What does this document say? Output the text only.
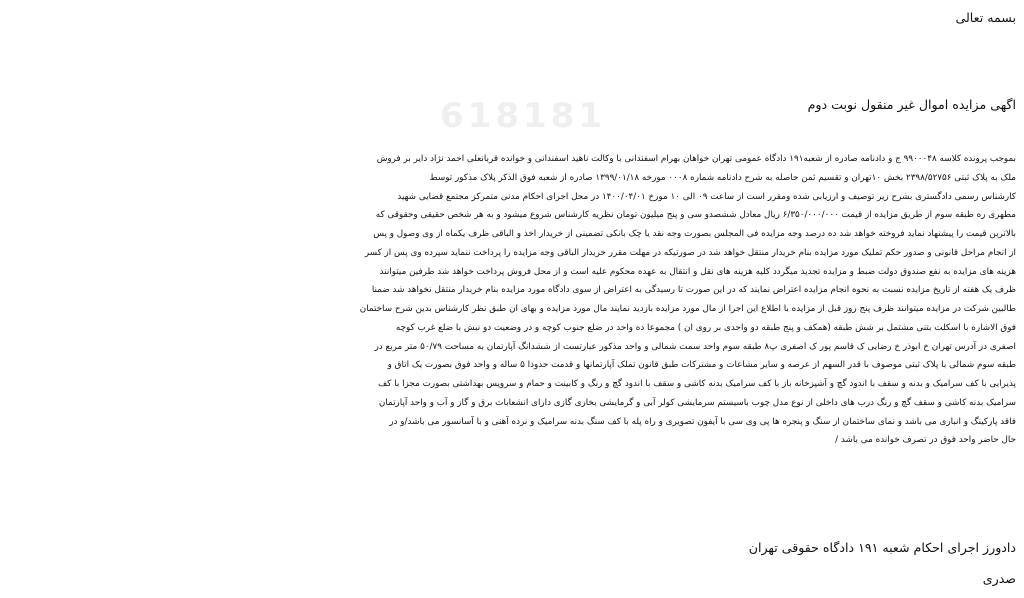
618181

بسمه تعالی

اگهی مزایده اموال غیر منقول نوبت دوم

بموجب پرونده کلاسه ۹۹۰۰۰۴۸ ج و دادنامه صادره از شعبه۱۹۱ دادگاه عمومی تهران خواهان بهرام اسفندانی با وکالت ناهید اسفندانی و خوانده قربانعلی احمد نژاد دایر بر فروش
ملک به پلاک ثبتی ۲۳۹۸/۵۲۷۵۶ بخش ۱۰تهران و تقسیم ثمن حاصله به شرح دادنامه شماره ۰۰۰۸ مورخه ۱۳۹۹/۰۱/۱۸ صادره از شعبه فوق الذکر پلاک مذکور توسط
کارشناس رسمی دادگستری بشرح زیر توصیف و ارزیابی شده ومقرر است از ساعت ۰۹ الی ۱۰ مورخ ۱۴۰۰/۰۴/۰۱ در محل اجرای احکام مدنی متمرکز مجتمع قضایی شهید
مطهری ره طبقه سوم از طریق مزایده از قیمت ۶/۳۵۰/۰۰۰/۰۰۰ ریال معادل ششصدو سی و پنج میلیون تومان نظریه کارشناس شروع میشود و به هر شخص حقیقی وحقوقی که
بالاترین قیمت را پیشنهاد نماید فروخته خواهد شد ده درصد وجه مزایده فی المجلس بصورت وجه نقد یا چک بانکی تضمینی از خریدار اخذ و الباقی ظرف یکماه از وی وصول و پس
از انجام مراحل قانونی و صدور حکم تملیک مورد مزایده بنام خریدار منتقل خواهد شد در صورتیکه در مهلت مقرر خریدار الباقی وجه مزایده را پرداخت ننماید سپرده وی پس از کسر
هزینه های مزایده به نفع صندوق دولت ضبط و مزایده تجدید میگردد کلیه هزینه های نقل و انتقال به عهده محکوم علیه است و از محل فروش پرداخت خواهد شد طرفین میتوانند
ظرف یک هفته از تاریخ مزایده نسبت به نحوه انجام مزایده اعتراض نمایند که در این صورت تا رسیدگی به اعتراض از سوی دادگاه مورد مزایده بنام خریدار منتقل نخواهد شد ضمنا
طالبین شرکت در مزایده میتوانند ظرف پنج روز قبل از مزایده با اطلاع این اجرا از مال مورد مزایده بازدید نمایند مال مورد مزایده و بهای ان طبق نظر کارشناس بدین شرح ساختمان
فوق الاشاره با اسکلت بتنی مشتمل بر شش طبقه (همکف و پنج طبقه دو واحدی بر روی ان ) مجموعا ده واحد در ضلع جنوب کوچه و در وضعیت دو نبش با ضلع غرب کوچه
اصفری در آدرس تهران خ ابوذر خ رضایی ک قاسم پور ک اصفری پ۸ طبقه سوم واحد سمت شمالی و واحد مذکور عبارتست از ششدانگ آپارتمان به مساحت ۵۰/۷۹ متر مربع در
طبقه سوم شمالی با پلاک ثبتی موصوف با قدر السهم از عرصه و سایر مشاعات و مشترکات طبق قانون تملک آپارتمانها و قدمت حدودا ۵ ساله و واحد فوق بصورت یک اتاق و
پذیرایی با کف سرامیک و بدنه و سقف با اندود گچ و آشپزخانه باز با کف سرامیک بدنه کاشی و سقف با اندود گچ و رنگ و کابینت و حمام و سرویس بهداشتی بصورت مجزا با کف
سرامیک بدنه کاشی و سقف گچ و رنگ درب های داخلی از نوع مدل چوب باسیستم سرمایشی کولر آبی و گرمایشی بخاری گازی دارای انشعابات برق و گاز و آب و واحد آپارتمان
فاقد پارکینگ و انباری می باشد و نمای ساختمان از سنگ و پنجره ها پی وی سی با آیفون تصویری و راه پله با کف سنگ بدنه سرامیک و نرده آهنی و با آسانسور می باشد/و در
حال حاضر واحد فوق در تصرف خوانده می باشد /

دادورز اجرای احکام شعبه ۱۹۱ دادگاه حقوقی تهران

صدری
